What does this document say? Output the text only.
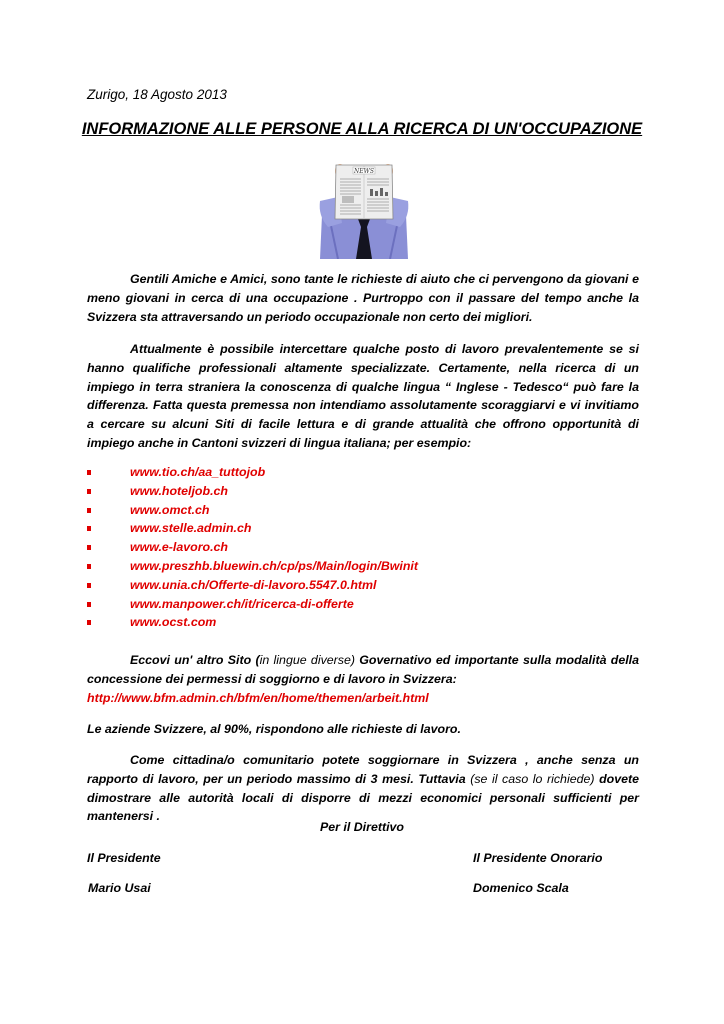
Zurigo, 18 Agosto 2013
INFORMAZIONE ALLE PERSONE ALLA RICERCA DI UN'OCCUPAZIONE
NEWS
Gentili Amiche e Amici, sono tante le richieste di aiuto che ci pervengono da giovani e meno giovani in cerca di una occupazione . Purtroppo con il passare del tempo anche la Svizzera sta attraversando un periodo occupazionale non certo dei migliori.
Attualmente è possibile intercettare qualche posto di lavoro prevalentemente se si hanno qualifiche professionali altamente specializzate. Certamente, nella ricerca di un impiego in terra straniera la conoscenza di qualche lingua “ Inglese - Tedesco“ può fare la differenza. Fatta questa premessa non intendiamo assolutamente scoraggiarvi e vi invitiamo a cercare su alcuni Siti di facile lettura e di grande attualità che offrono opportunità di impiego anche in Cantoni svizzeri di lingua italiana; per esempio:
www.tio.ch/aa_tuttojob
www.hoteljob.ch
www.omct.ch
www.stelle.admin.ch
www.e-lavoro.ch
www.preszhb.bluewin.ch/cp/ps/Main/login/Bwinit
www.unia.ch/Offerte-di-lavoro.5547.0.html
www.manpower.ch/it/ricerca-di-offerte
www.ocst.com
Eccovi un' altro Sito (in lingue diverse) Governativo ed importante sulla modalità della concessione dei permessi di soggiorno e di lavoro in Svizzera:
http://www.bfm.admin.ch/bfm/en/home/themen/arbeit.html
Le aziende Svizzere, al 90%, rispondono alle richieste di lavoro.
Come cittadina/o comunitario potete soggiornare in Svizzera , anche senza un rapporto di lavoro, per un periodo massimo di 3 mesi. Tuttavia (se il caso lo richiede) dovete dimostrare alle autorità locali di disporre di mezzi economici personali sufficienti per mantenersi .
Per il Direttivo
Il Presidente	Il Presidente Onorario
Mario Usai	Domenico Scala
